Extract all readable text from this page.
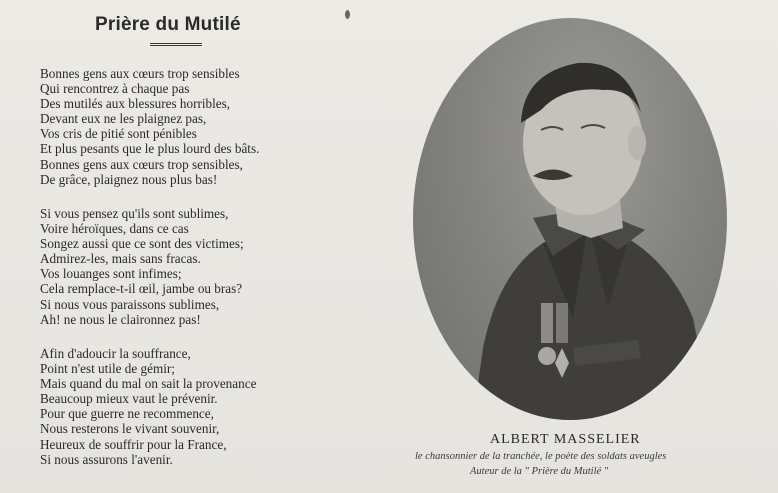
Prière du Mutilé
Bonnes gens aux cœurs trop sensibles
Qui rencontrez à chaque pas
Des mutilés aux blessures horribles,
Devant eux ne les plaignez pas,
Vos cris de pitié sont pénibles
Et plus pesants que le plus lourd des bâts.
Bonnes gens aux cœurs trop sensibles,
De grâce, plaignez nous plus bas!
Si vous pensez qu'ils sont sublimes,
Voire héroïques, dans ce cas
Songez aussi que ce sont des victimes;
Admirez-les, mais sans fracas.
Vos louanges sont infimes;
Cela remplace-t-il œil, jambe ou bras?
Si nous vous paraissons sublimes,
Ah! ne nous le claironnez pas!
Afin d'adoucir la souffrance,
Point n'est utile de gémir;
Mais quand du mal on sait la provenance
Beaucoup mieux vaut le prévenir.
Pour que guerre ne recommence,
Nous resterons le vivant souvenir,
Heureux de souffrir pour la France,
Si nous assurons l'avenir.
ALBERT MASSELIER
le chansonnier de la tranchée, le poète des soldats aveugles
Auteur de la " Prière du Mutilé "
